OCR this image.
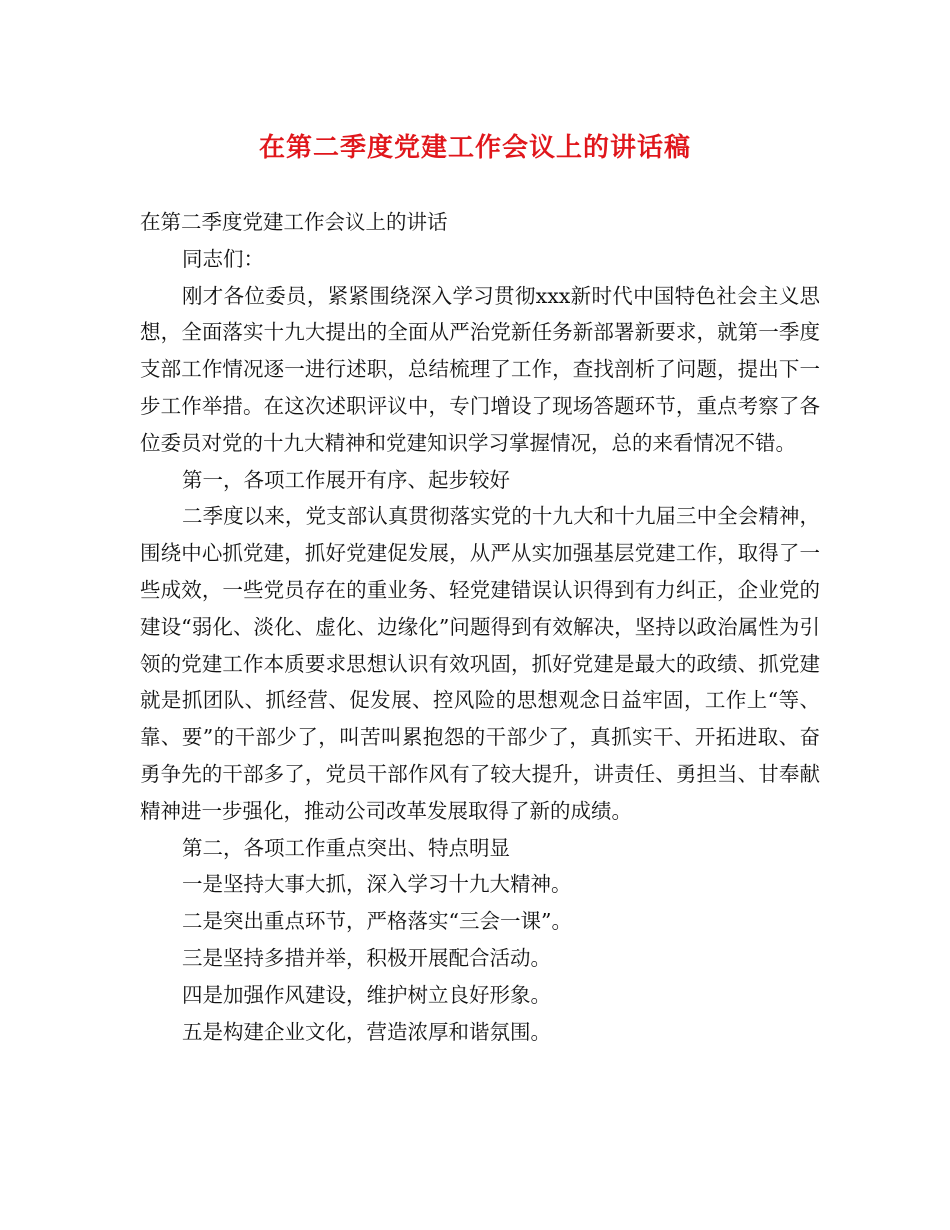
在第二季度党建工作会议上的讲话稿

在第二季度党建工作会议上的讲话

同志们：

刚才各位委员，紧紧围绕深入学习贯彻xxx新时代中国特色社会主义思想，全面落实十九大提出的全面从严治党新任务新部署新要求，就第一季度支部工作情况逐一进行述职，总结梳理了工作，查找剖析了问题，提出下一步工作举措。在这次述职评议中，专门增设了现场答题环节，重点考察了各位委员对党的十九大精神和党建知识学习掌握情况，总的来看情况不错。

第一，各项工作展开有序、起步较好

二季度以来，党支部认真贯彻落实党的十九大和十九届三中全会精神，围绕中心抓党建，抓好党建促发展，从严从实加强基层党建工作，取得了一些成效，一些党员存在的重业务、轻党建错误认识得到有力纠正，企业党的建设“弱化、淡化、虚化、边缘化”问题得到有效解决，坚持以政治属性为引领的党建工作本质要求思想认识有效巩固，抓好党建是最大的政绩、抓党建就是抓团队、抓经营、促发展、控风险的思想观念日益牢固，工作上“等、靠、要”的干部少了，叫苦叫累抱怨的干部少了，真抓实干、开拓进取、奋勇争先的干部多了，党员干部作风有了较大提升，讲责任、勇担当、甘奉献精神进一步强化，推动公司改革发展取得了新的成绩。

第二，各项工作重点突出、特点明显

一是坚持大事大抓，深入学习十九大精神。
二是突出重点环节，严格落实“三会一课”。
三是坚持多措并举，积极开展配合活动。
四是加强作风建设，维护树立良好形象。
五是构建企业文化，营造浓厚和谐氛围。
